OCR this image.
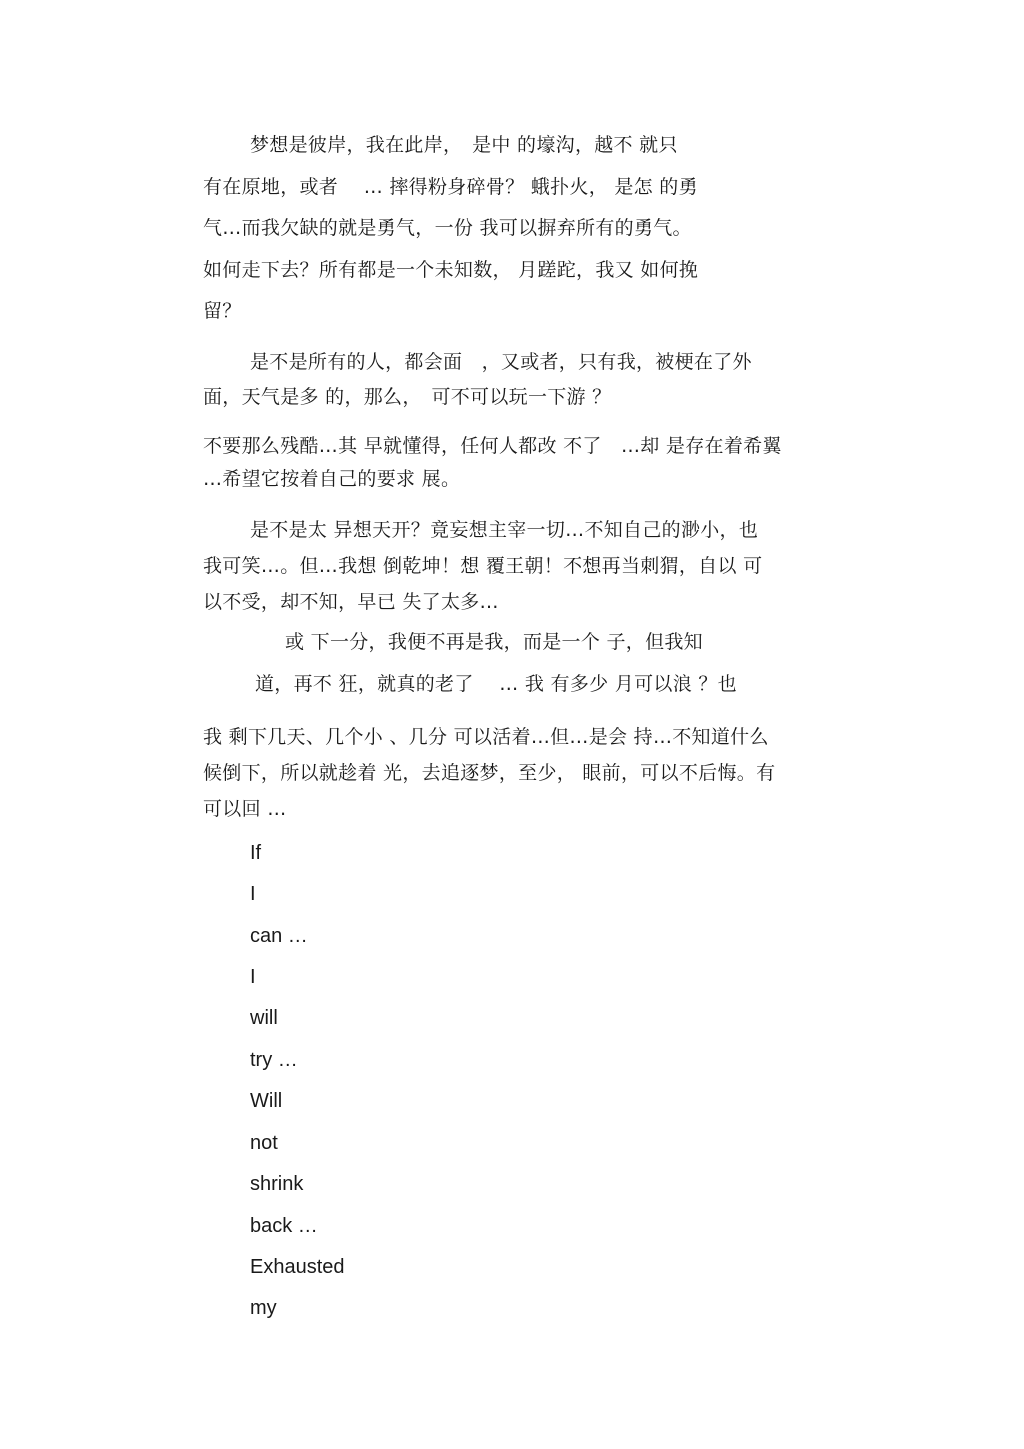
梦想是彼岸，我在此岸，　是中 的壕沟，越不 就只
有在原地，或者　 … 摔得粉身碎骨？ 蛾扑火， 是怎 的勇
气…而我欠缺的就是勇气，一份 我可以摒弃所有的勇气。
如何走下去？所有都是一个未知数， 月蹉跎，我又 如何挽
留？
是不是所有的人，都会面　，又或者，只有我，被梗在了外
面，天气是多 的，那么，　可不可以玩一下游 ？
不要那么残酷…其 早就懂得，任何人都改 不了　…却 是存在着希翼
…希望它按着自己的要求 展。
是不是太 异想天开？竟妄想主宰一切…不知自己的渺小，也
我可笑…。但…我想 倒乾坤！想 覆王朝！不想再当刺猬，自以 可
以不受，却不知，早已 失了太多…
或 下一分，我便不再是我，而是一个 子，但我知
道，再不 狂，就真的老了　 … 我 有多少 月可以浪 ？也
我 剩下几天、几个小 、几分 可以活着…但…是会 持…不知道什么
候倒下，所以就趁着 光，去追逐梦，至少， 眼前，可以不后悔。有
可以回 …
If
I
can …
I
will
try …
Will
not
shrink
back …
Exhausted
my
